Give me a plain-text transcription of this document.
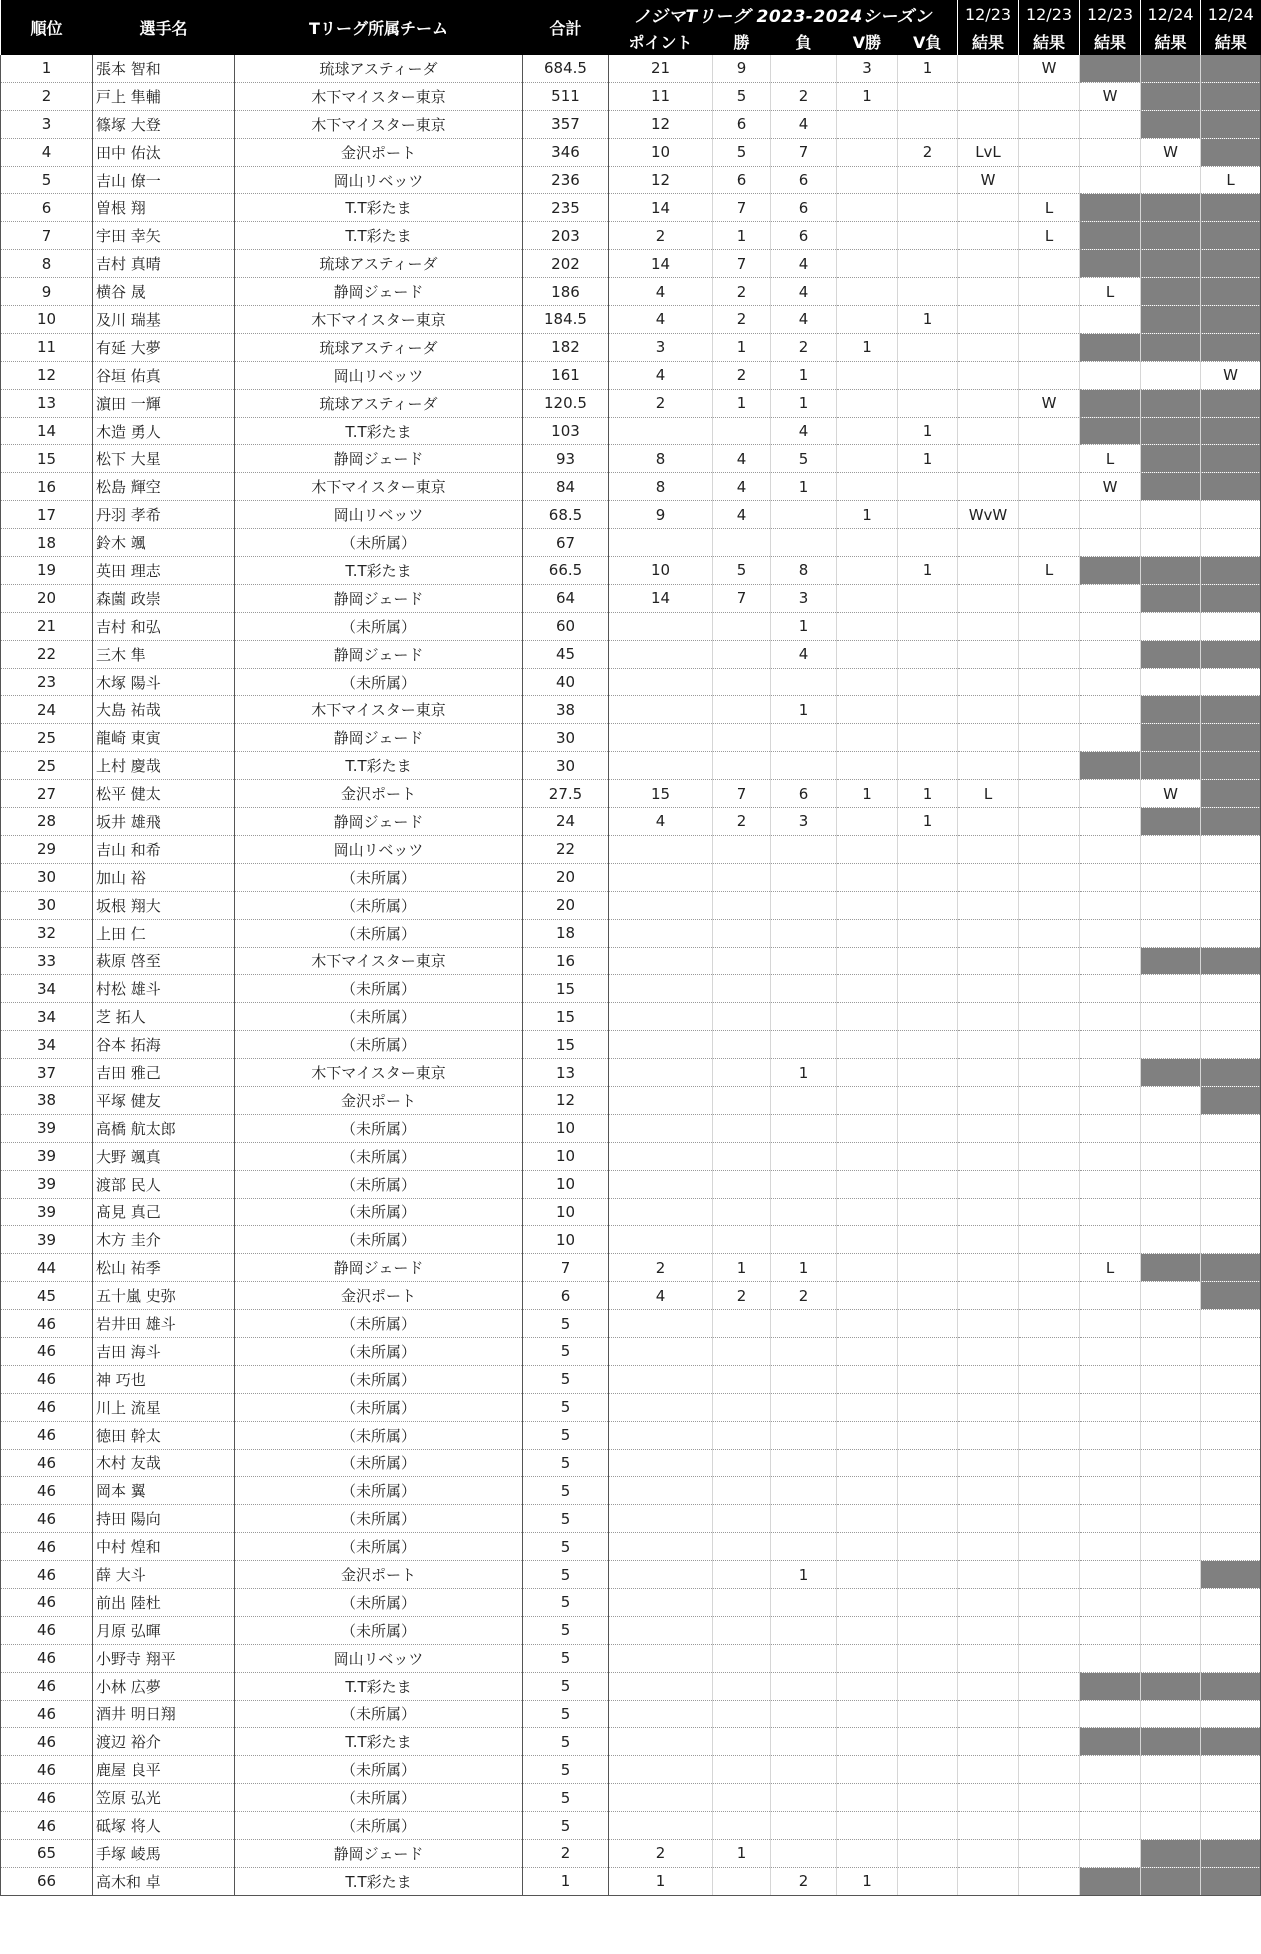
順位	選手名	Tリーグ所属チーム	合計	ノジマTリーグ 2023-2024シーズン					12/23	12/23	12/23	12/24	12/24
				ポイント	勝	負	V勝	V負	結果	結果	結果	結果	結果
1	張本 智和	琉球アスティーダ	684.5	21	9		3	1		W			
2	戸上 隼輔	木下マイスター東京	511	11	5	2	1				W		
3	篠塚 大登	木下マイスター東京	357	12	6	4							
4	田中 佑汰	金沢ポート	346	10	5	7		2	LvL			W	
5	吉山 僚一	岡山リベッツ	236	12	6	6			W				L
6	曽根 翔	T.T彩たま	235	14	7	6				L			
7	宇田 幸矢	T.T彩たま	203	2	1	6				L			
8	吉村 真晴	琉球アスティーダ	202	14	7	4							
9	横谷 晟	静岡ジェード	186	4	2	4					L		
10	及川 瑞基	木下マイスター東京	184.5	4	2	4		1					
11	有延 大夢	琉球アスティーダ	182	3	1	2	1						
12	谷垣 佑真	岡山リベッツ	161	4	2	1							W
13	濵田 一輝	琉球アスティーダ	120.5	2	1	1				W			
14	木造 勇人	T.T彩たま	103			4		1					
15	松下 大星	静岡ジェード	93	8	4	5		1			L		
16	松島 輝空	木下マイスター東京	84	8	4	1					W		
17	丹羽 孝希	岡山リベッツ	68.5	9	4		1		WvW				
18	鈴木 颯	（未所属）	67										
19	英田 理志	T.T彩たま	66.5	10	5	8		1		L			
20	森薗 政崇	静岡ジェード	64	14	7	3							
21	吉村 和弘	（未所属）	60			1							
22	三木 隼	静岡ジェード	45			4							
23	木塚 陽斗	（未所属）	40										
24	大島 祐哉	木下マイスター東京	38			1							
25	龍崎 東寅	静岡ジェード	30										
25	上村 慶哉	T.T彩たま	30										
27	松平 健太	金沢ポート	27.5	15	7	6	1	1	L			W	
28	坂井 雄飛	静岡ジェード	24	4	2	3		1					
29	吉山 和希	岡山リベッツ	22										
30	加山 裕	（未所属）	20										
30	坂根 翔大	（未所属）	20										
32	上田 仁	（未所属）	18										
33	萩原 啓至	木下マイスター東京	16										
34	村松 雄斗	（未所属）	15										
34	芝 拓人	（未所属）	15										
34	谷本 拓海	（未所属）	15										
37	吉田 雅己	木下マイスター東京	13			1							
38	平塚 健友	金沢ポート	12										
39	高橋 航太郎	（未所属）	10										
39	大野 颯真	（未所属）	10										
39	渡部 民人	（未所属）	10										
39	髙見 真己	（未所属）	10										
39	木方 圭介	（未所属）	10										
44	松山 祐季	静岡ジェード	7	2	1	1					L		
45	五十嵐 史弥	金沢ポート	6	4	2	2							
46	岩井田 雄斗	（未所属）	5										
46	吉田 海斗	（未所属）	5										
46	神 巧也	（未所属）	5										
46	川上 流星	（未所属）	5										
46	徳田 幹太	（未所属）	5										
46	木村 友哉	（未所属）	5										
46	岡本 翼	（未所属）	5										
46	持田 陽向	（未所属）	5										
46	中村 煌和	（未所属）	5										
46	薛 大斗	金沢ポート	5			1							
46	前出 陸杜	（未所属）	5										
46	月原 弘暉	（未所属）	5										
46	小野寺 翔平	岡山リベッツ	5										
46	小林 広夢	T.T彩たま	5										
46	酒井 明日翔	（未所属）	5										
46	渡辺 裕介	T.T彩たま	5										
46	鹿屋 良平	（未所属）	5										
46	笠原 弘光	（未所属）	5										
46	砥塚 将人	（未所属）	5										
65	手塚 崚馬	静岡ジェード	2	2	1								
66	高木和 卓	T.T彩たま	1	1		2	1						
